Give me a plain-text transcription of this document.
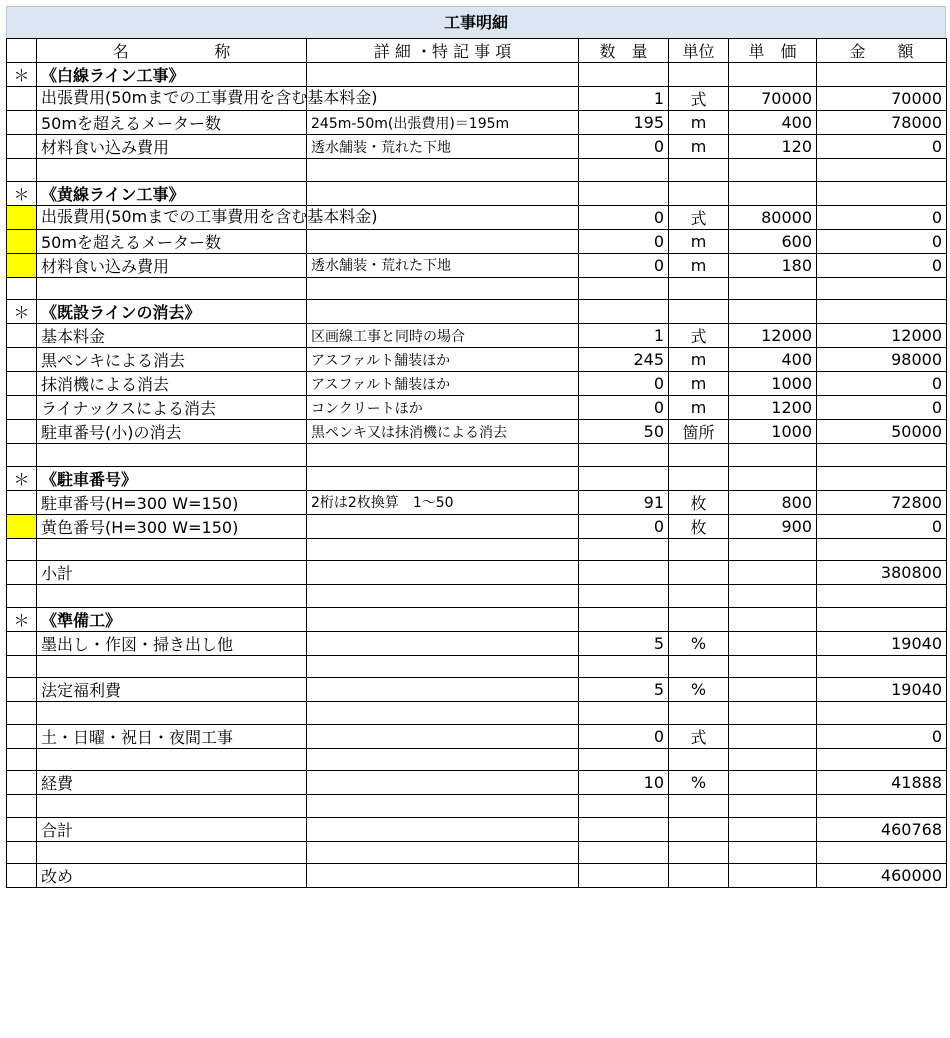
工事明細

	名 称	詳 細 ・特 記 事 項	数　量	単位	単　価	金　　額
＊	《白線ライン工事》					

	出張費用(50mまでの工事費用を含む基本料金)		1	式	70000	70000
	50mを超えるメーター数	245m-50m(出張費用)＝195m	195	m	400	78000
	材料食い込み費用	透水舗装・荒れた下地	0	m	120	0

＊	《黄線ライン工事》					

	出張費用(50mまでの工事費用を含む基本料金)		0	式	80000	0
	50mを超えるメーター数		0	m	600	0
	材料食い込み費用	透水舗装・荒れた下地	0	m	180	0

＊	《既設ラインの消去》					
	基本料金	区画線工事と同時の場合	1	式	12000	12000
	黒ペンキによる消去	アスファルト舗装ほか	245	m	400	98000
	抹消機による消去	アスファルト舗装ほか	0	m	1000	0
	ライナックスによる消去	コンクリートほか	0	m	1200	0
	駐車番号(小)の消去	黒ペンキ又は抹消機による消去	50	箇所	1000	50000

＊	《駐車番号》					
	駐車番号(H=300 W=150)	2桁は2枚換算　1～50	91	枚	800	72800
	黄色番号(H=300 W=150)		0	枚	900	0

	小計					380800

＊	《準備工》					
	墨出し・作図・掃き出し他		5	%		19040

	法定福利費		5	%		19040

	土・日曜・祝日・夜間工事		0	式		0

	経費		10	%		41888

	合計					460768

	改め					460000
